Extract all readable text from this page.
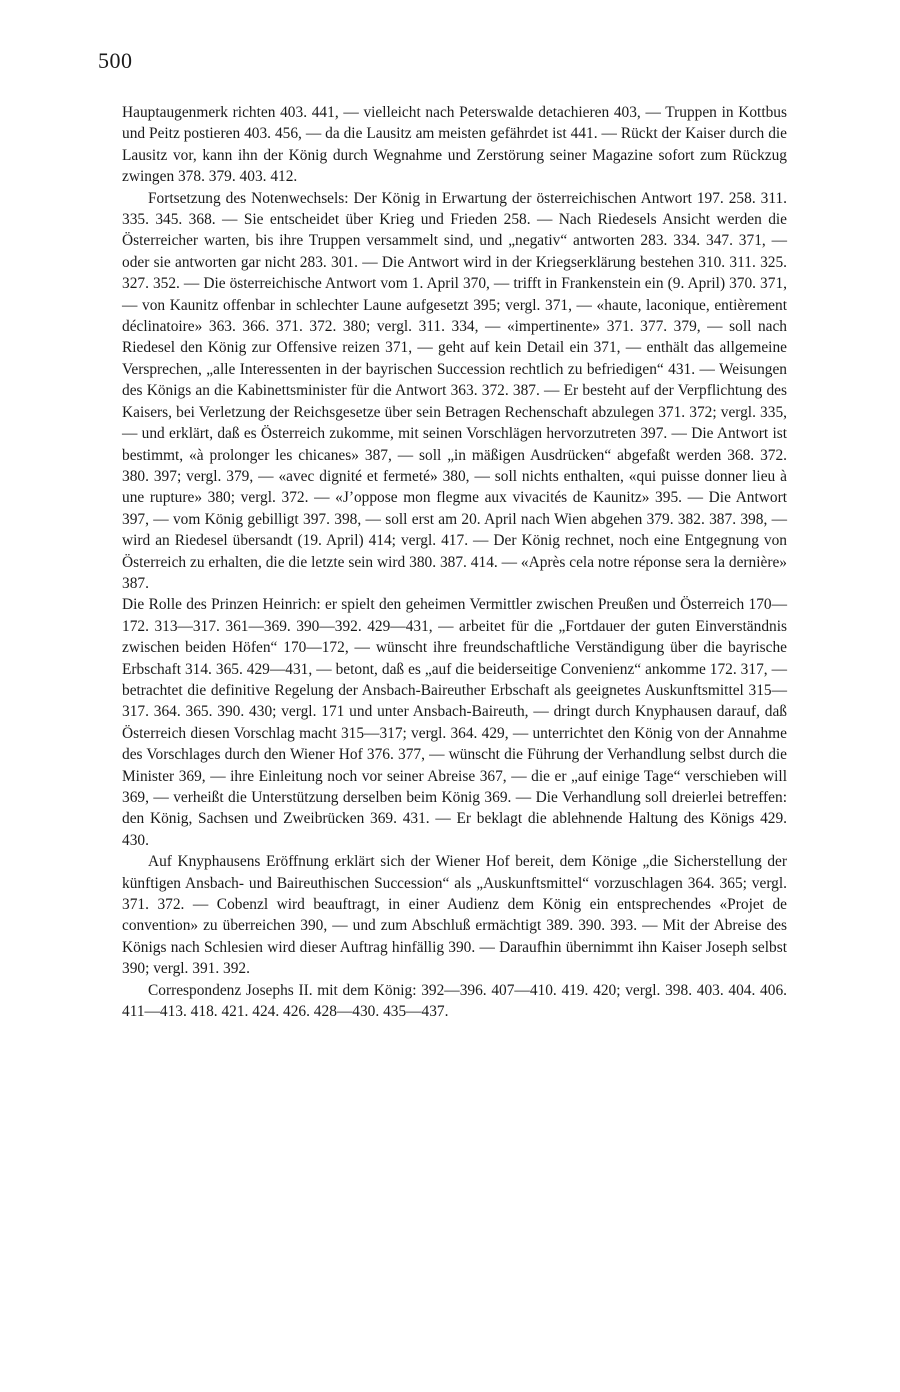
500

Hauptaugenmerk richten 403. 441, — vielleicht nach Peterswalde detachieren 403, — Truppen in Kottbus und Peitz postieren 403. 456, — da die Lausitz am meisten gefährdet ist 441. — Rückt der Kaiser durch die Lausitz vor, kann ihn der König durch Wegnahme und Zerstörung seiner Magazine sofort zum Rückzug zwingen 378. 379. 403. 412.

Fortsetzung des Notenwechsels: Der König in Erwartung der österreichischen Antwort 197. 258. 311. 335. 345. 368. — Sie entscheidet über Krieg und Frieden 258. — Nach Riedesels Ansicht werden die Österreicher warten, bis ihre Truppen versammelt sind, und „negativ“ antworten 283. 334. 347. 371, — oder sie antworten gar nicht 283. 301. — Die Antwort wird in der Kriegserklärung bestehen 310. 311. 325. 327. 352. — Die österreichische Antwort vom 1. April 370, — trifft in Frankenstein ein (9. April) 370. 371, — von Kaunitz offenbar in schlechter Laune aufgesetzt 395; vergl. 371, — «haute, laconique, entièrement déclinatoire» 363. 366. 371. 372. 380; vergl. 311. 334, — «impertinente» 371. 377. 379, — soll nach Riedesel den König zur Offensive reizen 371, — geht auf kein Detail ein 371, — enthält das allgemeine Versprechen, „alle Interessenten in der bayrischen Succession rechtlich zu befriedigen“ 431. — Weisungen des Königs an die Kabinettsminister für die Antwort 363. 372. 387. — Er besteht auf der Verpflichtung des Kaisers, bei Verletzung der Reichsgesetze über sein Betragen Rechenschaft abzulegen 371. 372; vergl. 335, — und erklärt, daß es Österreich zukomme, mit seinen Vorschlägen hervorzutreten 397. — Die Antwort ist bestimmt, «à prolonger les chicanes» 387, — soll „in mäßigen Ausdrücken“ abgefaßt werden 368. 372. 380. 397; vergl. 379, — «avec dignité et fermeté» 380, — soll nichts enthalten, «qui puisse donner lieu à une rupture» 380; vergl. 372. — «J’oppose mon flegme aux vivacités de Kaunitz» 395. — Die Antwort 397, — vom König gebilligt 397. 398, — soll erst am 20. April nach Wien abgehen 379. 382. 387. 398, — wird an Riedesel übersandt (19. April) 414; vergl. 417. — Der König rechnet, noch eine Entgegnung von Österreich zu erhalten, die die letzte sein wird 380. 387. 414. — «Après cela notre réponse sera la dernière» 387.

Die Rolle des Prinzen Heinrich: er spielt den geheimen Vermittler zwischen Preußen und Österreich 170—172. 313—317. 361—369. 390—392. 429—431, — arbeitet für die „Fortdauer der guten Einverständnis zwischen beiden Höfen“ 170—172, — wünscht ihre freundschaftliche Verständigung über die bayrische Erbschaft 314. 365. 429—431, — betont, daß es „auf die beiderseitige Convenienz“ ankomme 172. 317, — betrachtet die definitive Regelung der Ansbach-Baireuther Erbschaft als geeignetes Auskunftsmittel 315—317. 364. 365. 390. 430; vergl. 171 und unter Ansbach-Baireuth, — dringt durch Knyphausen darauf, daß Österreich diesen Vorschlag macht 315—317; vergl. 364. 429, — unterrichtet den König von der Annahme des Vorschlages durch den Wiener Hof 376. 377, — wünscht die Führung der Verhandlung selbst durch die Minister 369, — ihre Einleitung noch vor seiner Abreise 367, — die er „auf einige Tage“ verschieben will 369, — verheißt die Unterstützung derselben beim König 369. — Die Verhandlung soll dreierlei betreffen: den König, Sachsen und Zweibrücken 369. 431. — Er beklagt die ablehnende Haltung des Königs 429. 430.

Auf Knyphausens Eröffnung erklärt sich der Wiener Hof bereit, dem Könige „die Sicherstellung der künftigen Ansbach- und Baireuthischen Succession“ als „Auskunftsmittel“ vorzuschlagen 364. 365; vergl. 371. 372. — Cobenzl wird beauftragt, in einer Audienz dem König ein entsprechendes «Projet de convention» zu überreichen 390, — und zum Abschluß ermächtigt 389. 390. 393. — Mit der Abreise des Königs nach Schlesien wird dieser Auftrag hinfällig 390. — Daraufhin übernimmt ihn Kaiser Joseph selbst 390; vergl. 391. 392.

Correspondenz Josephs II. mit dem König: 392—396. 407—410. 419. 420; vergl. 398. 403. 404. 406. 411—413. 418. 421. 424. 426. 428—430. 435—437.
